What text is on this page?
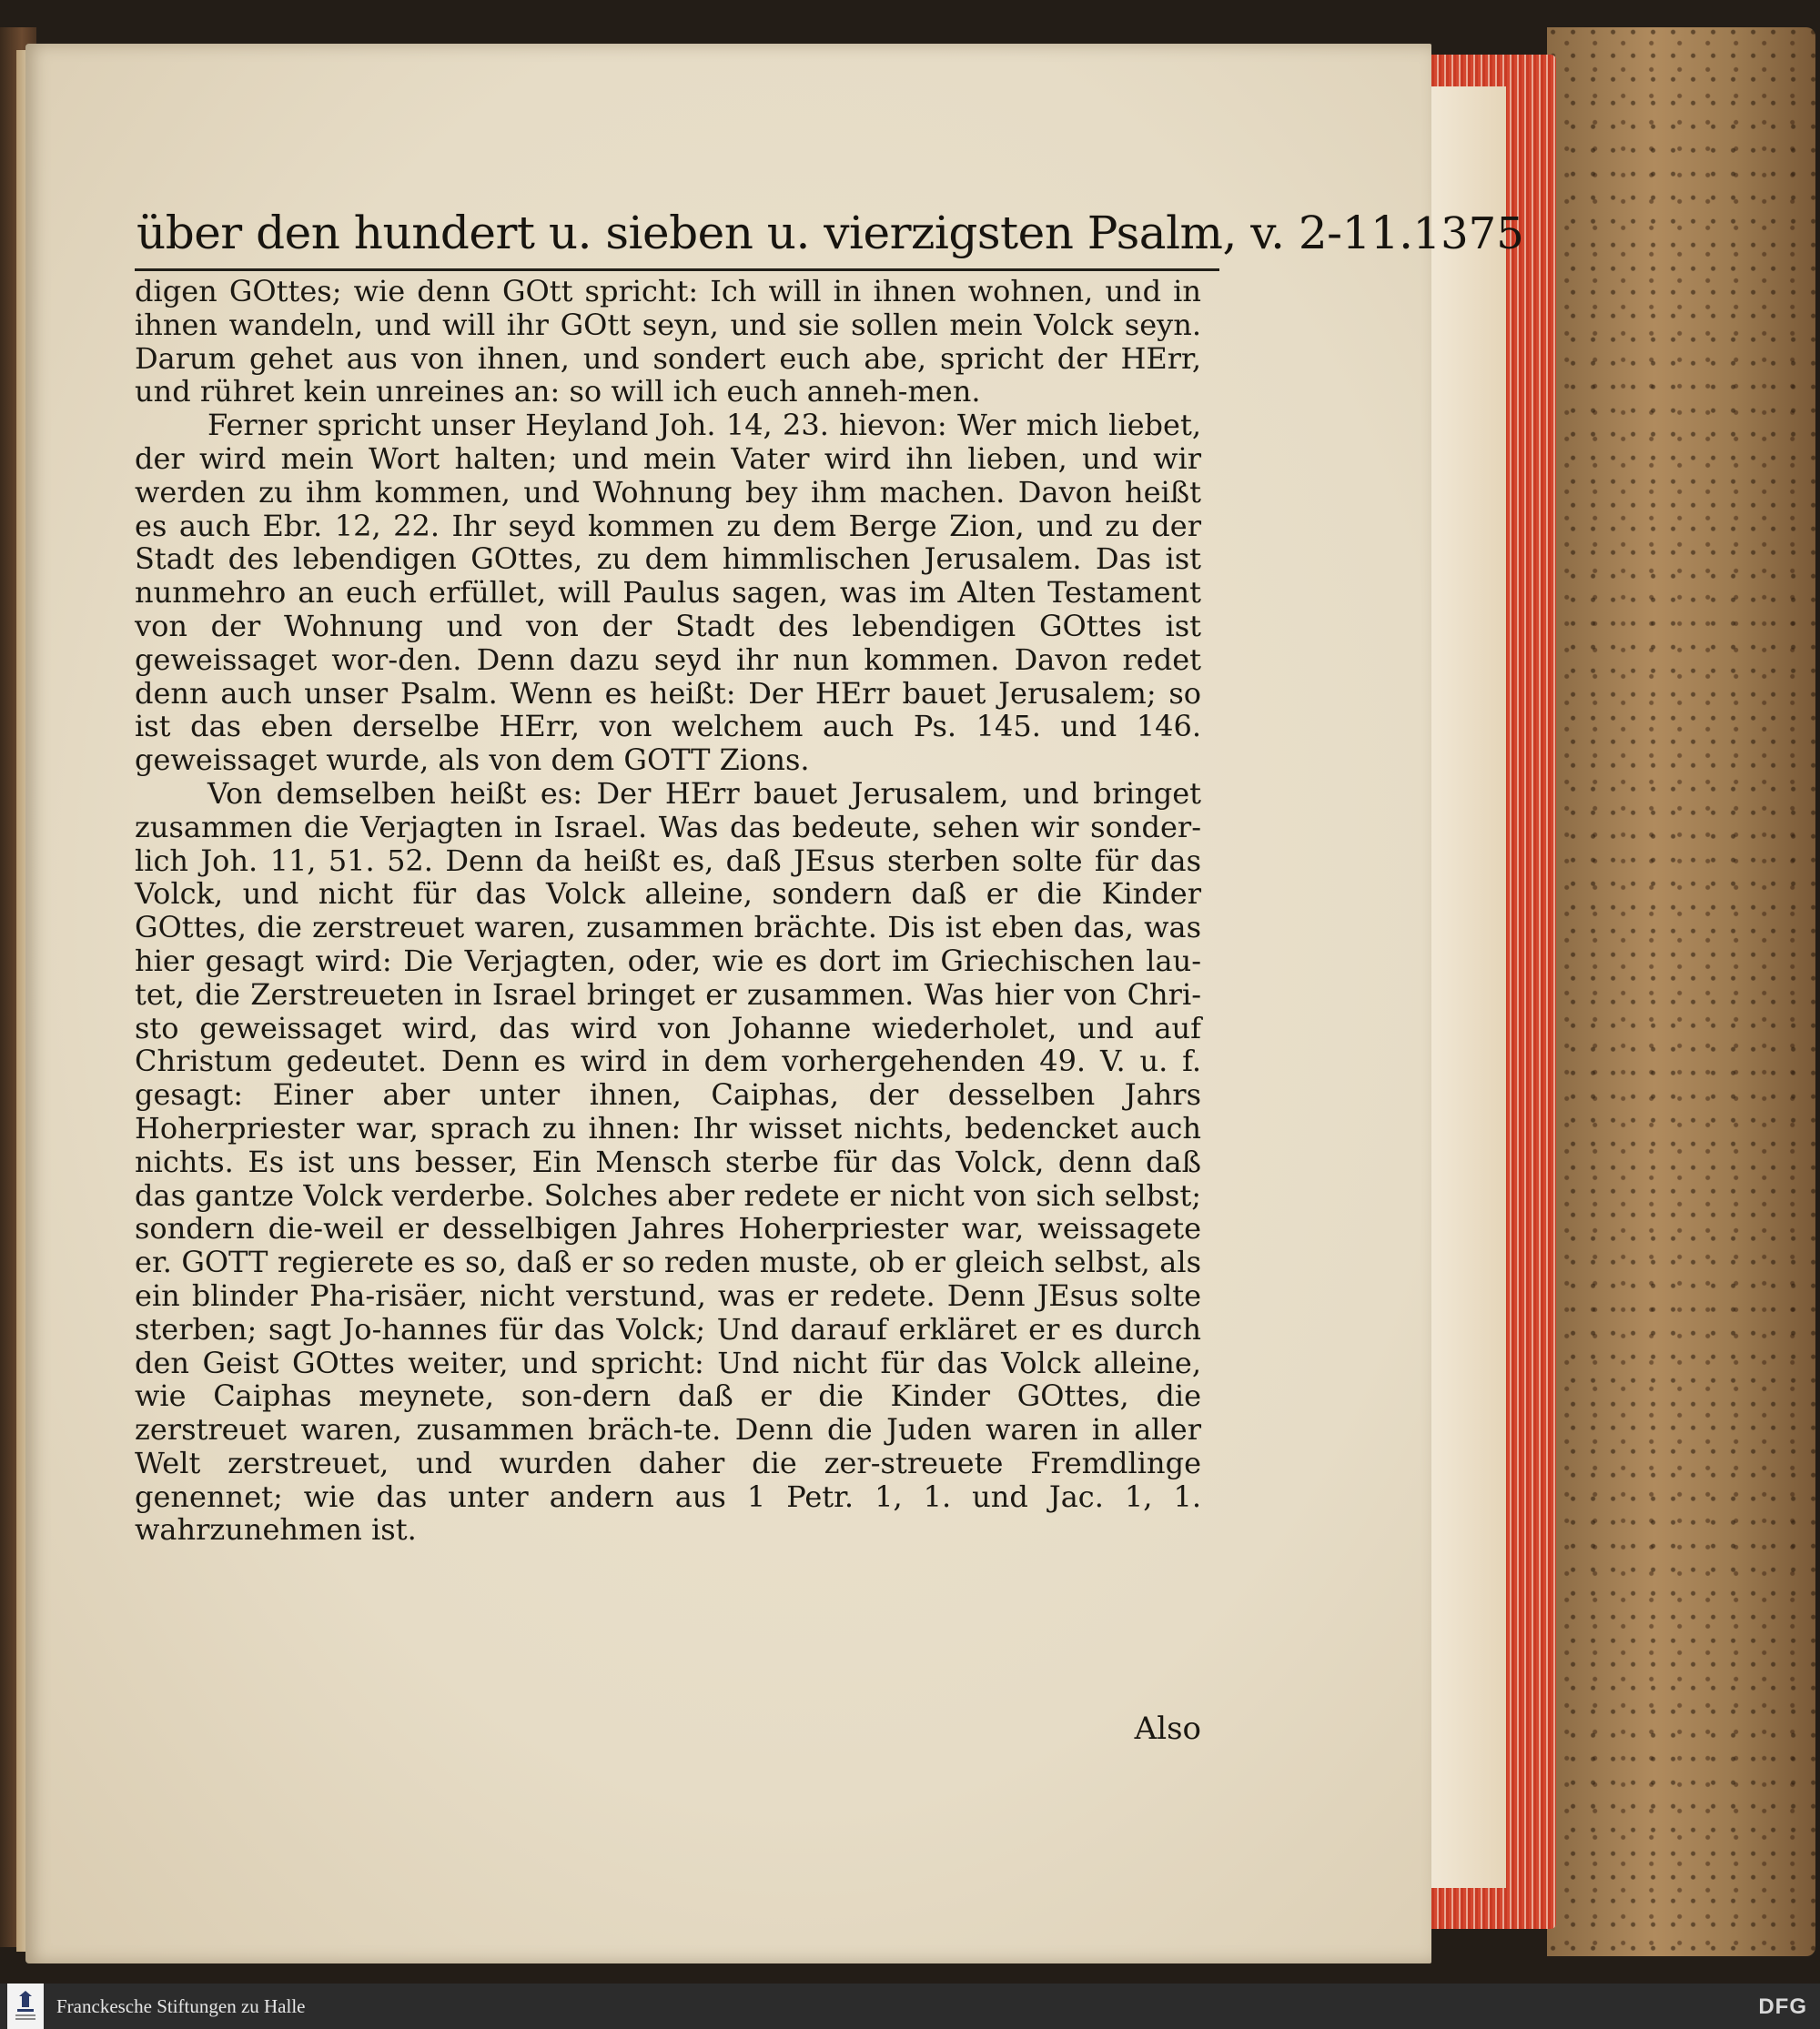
über den hundert u. sieben u. vierzigsten Psalm, v. 2-11. 1375

digen GOttes; wie denn GOtt spricht: Ich will in ihnen wohnen, und in ihnen wandeln, und will ihr GOtt seyn, und sie sollen mein Volck seyn. Darum gehet aus von ihnen, und sondert euch abe, spricht der HErr, und rühret kein unreines an: so will ich euch anneh-men.

Ferner spricht unser Heyland Joh. 14, 23. hievon: Wer mich liebet, der wird mein Wort halten; und mein Vater wird ihn lieben, und wir werden zu ihm kommen, und Wohnung bey ihm machen. Davon heißt es auch Ebr. 12, 22. Ihr seyd kommen zu dem Berge Zion, und zu der Stadt des lebendigen GOttes, zu dem himmlischen Jerusalem. Das ist nunmehro an euch erfüllet, will Paulus sagen, was im Alten Testament von der Wohnung und von der Stadt des lebendigen GOttes ist geweissaget wor-den. Denn dazu seyd ihr nun kommen. Davon redet denn auch unser Psalm. Wenn es heißt: Der HErr bauet Jerusalem; so ist das eben derselbe HErr, von welchem auch Ps. 145. und 146. geweissaget wurde, als von dem GOTT Zions.

Von demselben heißt es: Der HErr bauet Jerusalem, und bringet zusammen die Verjagten in Israel. Was das bedeute, sehen wir sonder-lich Joh. 11, 51. 52. Denn da heißt es, daß JEsus sterben solte für das Volck, und nicht für das Volck alleine, sondern daß er die Kinder GOttes, die zerstreuet waren, zusammen brächte. Dis ist eben das, was hier gesagt wird: Die Verjagten, oder, wie es dort im Griechischen lau-tet, die Zerstreueten in Israel bringet er zusammen. Was hier von Chri-sto geweissaget wird, das wird von Johanne wiederholet, und auf Christum gedeutet. Denn es wird in dem vorhergehenden 49. V. u. f. gesagt: Einer aber unter ihnen, Caiphas, der desselben Jahrs Hoherpriester war, sprach zu ihnen: Ihr wisset nichts, bedencket auch nichts. Es ist uns besser, Ein Mensch sterbe für das Volck, denn daß das gantze Volck verderbe. Solches aber redete er nicht von sich selbst; sondern die-weil er desselbigen Jahres Hoherpriester war, weissagete er. GOTT regierete es so, daß er so reden muste, ob er gleich selbst, als ein blinder Pha-risäer, nicht verstund, was er redete. Denn JEsus solte sterben; sagt Jo-hannes für das Volck; Und darauf erkläret er es durch den Geist GOttes weiter, und spricht: Und nicht für das Volck alleine, wie Caiphas meynete, son-dern daß er die Kinder GOttes, die zerstreuet waren, zusammen bräch-te. Denn die Juden waren in aller Welt zerstreuet, und wurden daher die zer-streuete Fremdlinge genennet; wie das unter andern aus 1 Petr. 1, 1. und Jac. 1, 1. wahrzunehmen ist.

Also
Franckesche Stiftungen zu Halle	DFG
